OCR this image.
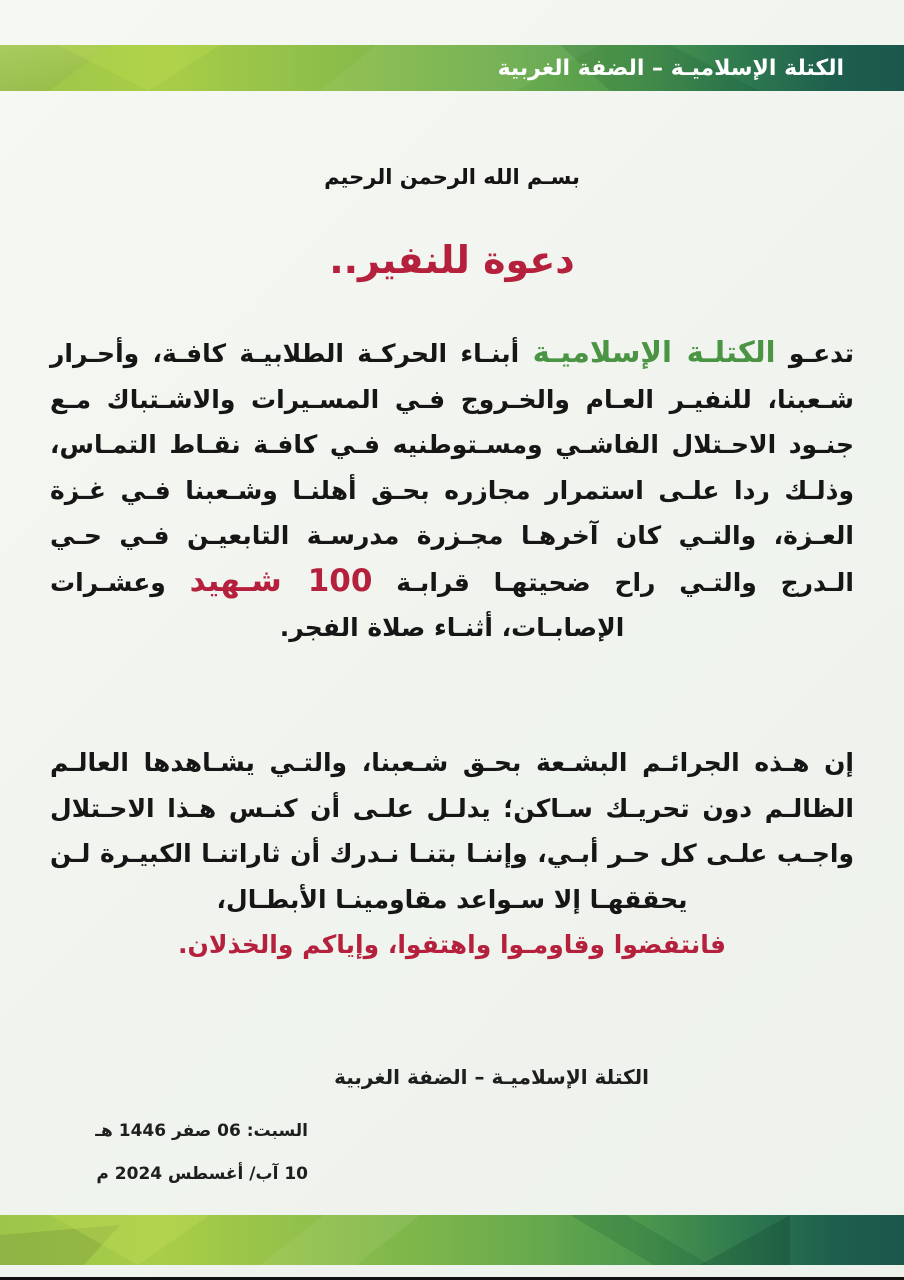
الكتلة الإسلاميـة – الضفة الغربية
بسـم الله الرحمن الرحيم
دعوة للنفير..
تدعـو الكتلـة الإسلاميـة أبنـاء الحركـة الطلابيـة كافـة، وأحـرار شـعبنا، للنفيـر العـام والخـروج فـي المسـيرات والاشـتباك مـع جنـود الاحـتلال الفاشـي ومسـتوطنيه فـي كافـة نقـاط التمـاس، وذلـك ردا علـى استمرار مجازره بحـق أهلنـا وشـعبنا فـي غـزة العـزة، والتـي كان آخرهـا مجـزرة مدرسـة التابعيـن فـي حـي الـدرج والتـي راح ضحيتهـا قرابـة 100 شـهيد وعشـرات الإصابـات، أثنـاء صلاة الفجر.
إن هـذه الجرائـم البشـعة بحـق شـعبنا، والتـي يشـاهدها العالـم الظالـم دون تحريـك سـاكن؛ يدلـل علـى أن كنـس هـذا الاحـتلال واجـب علـى كل حـر أبـي، وإننـا بتنـا نـدرك أن ثاراتنـا الكبيـرة لـن يحققهـا إلا سـواعد مقاومينـا الأبطـال،
فانتفضوا وقاومـوا واهتفوا، وإياكم والخذلان.
الكتلة الإسلاميـة – الضفة الغربية
السبت: 06 صفر 1446 هـ
10 آب/ أغسطس 2024 م
